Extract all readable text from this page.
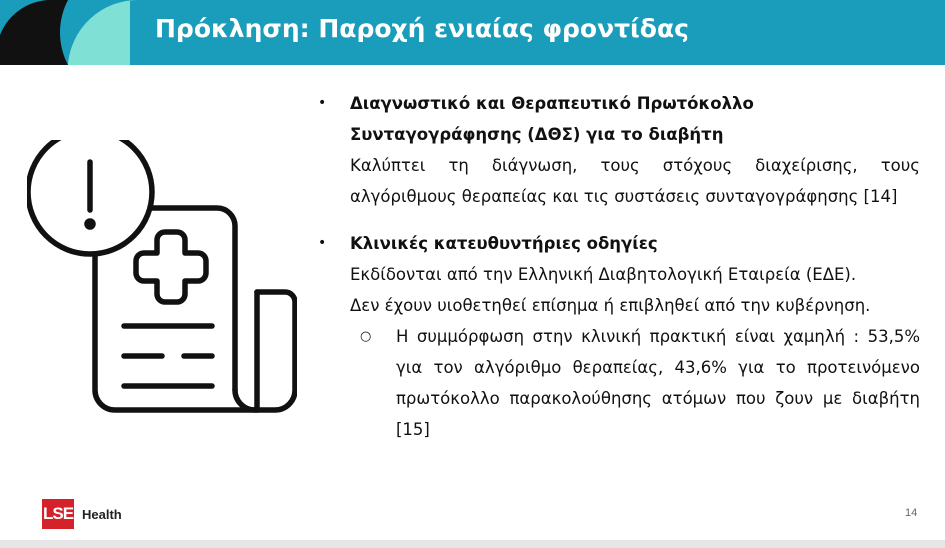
Πρόκληση: Παροχή ενιαίας φροντίδας
• Διαγνωστικό και Θεραπευτικό Πρωτόκολλο
Συνταγογράφησης (ΔΘΣ) για το διαβήτη
Καλύπτει τη διάγνωση, τους στόχους διαχείρισης, τους αλγόριθμους θεραπείας και τις συστάσεις συνταγογράφησης [14]
• Κλινικές κατευθυντήριες οδηγίες
Εκδίδονται από την Ελληνική Διαβητολογική Εταιρεία (ΕΔΕ).
Δεν έχουν υιοθετηθεί επίσημα ή επιβληθεί από την κυβέρνηση.
○ Η συμμόρφωση στην κλινική πρακτική είναι χαμηλή : 53,5% για τον αλγόριθμο θεραπείας, 43,6% για το προτεινόμενο πρωτόκολλο παρακολούθησης ατόμων που ζουν με διαβήτη [15]
LSE Health	14
